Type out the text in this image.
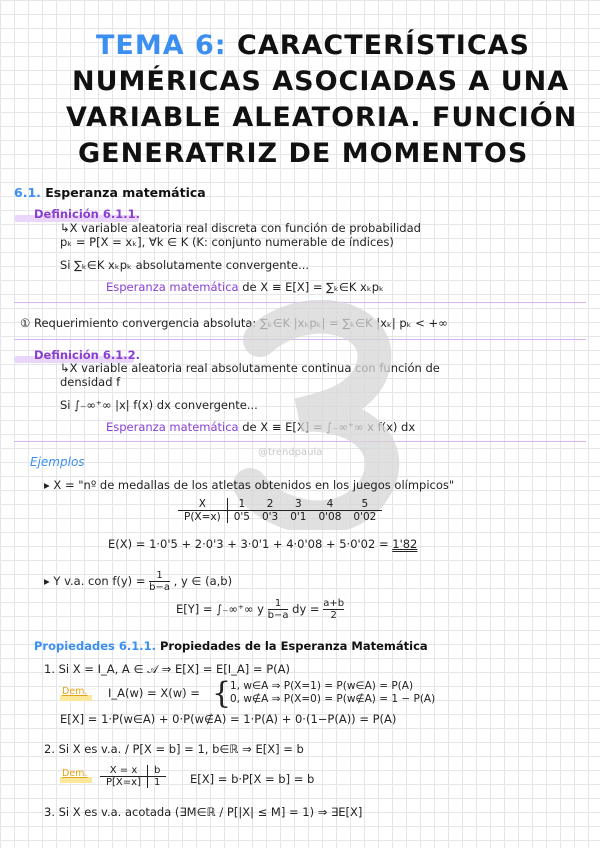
TEMA 6: CARACTERÍSTICAS
NUMÉRICAS ASOCIADAS A UNA
VARIABLE ALEATORIA. FUNCIÓN
GENERATRIZ DE MOMENTOS
6.1. Esperanza matemática
Definición 6.1.1.
↳X variable aleatoria real discreta con función de probabilidad
pₖ = P[X = xₖ], ∀k ∈ K (K: conjunto numerable de índices)
Si ∑ₖ∈K xₖpₖ absolutamente convergente...
Esperanza matemática de X ≡ E[X] = ∑ₖ∈K xₖpₖ
① Requerimiento convergencia absoluta: ∑ₖ∈K |xₖpₖ| = ∑ₖ∈K |xₖ| pₖ < +∞
Definición 6.1.2.
↳X variable aleatoria real absolutamente continua con función de
densidad f
Si ∫₋∞⁺∞ |x| f(x) dx convergente...
Esperanza matemática de X ≡ E[X] = ∫₋∞⁺∞ x f(x) dx
@trendpaula
Ejemplos
▸ X = "nº de medallas de los atletas obtenidos en los juegos olímpicos"
X	1	2	3	4	5
P(X=x)	0'5	0'3	0'1	0'08	0'02
E(X) = 1·0'5 + 2·0'3 + 3·0'1 + 4·0'08 + 5·0'02 = 1'82
▸ Y v.a. con $f(y) = \frac{1}{b-a}$ , y ∈ (a,b)
E[Y] = ∫₋∞⁺∞ y $\frac{1}{b-a}$ dy = $\frac{a+b}{2}$
Propiedades 6.1.1. Propiedades de la Esperanza Matemática
1. Si X = I_A, A ∈ 𝒜 ⇒ E[X] = E[I_A] = P(A)
Dem. I_A(w) = X(w) = {
1, w∈A ⇒ P(X=1) = P(w∈A) = P(A)
0, w∉A ⇒ P(X=0) = P(w∉A) = 1 − P(A)
E[X] = 1·P(w∈A) + 0·P(w∉A) = 1·P(A) + 0·(1−P(A)) = P(A)
2. Si X es v.a. / P[X = b] = 1, b∈ℝ ⇒ E[X] = b
Dem. X = x	b
P[X=x]	1	E[X] = b·P[X = b] = b
3. Si X es v.a. acotada (∃M∈ℝ / P[|X| ≤ M] = 1) ⇒ ∃E[X]
